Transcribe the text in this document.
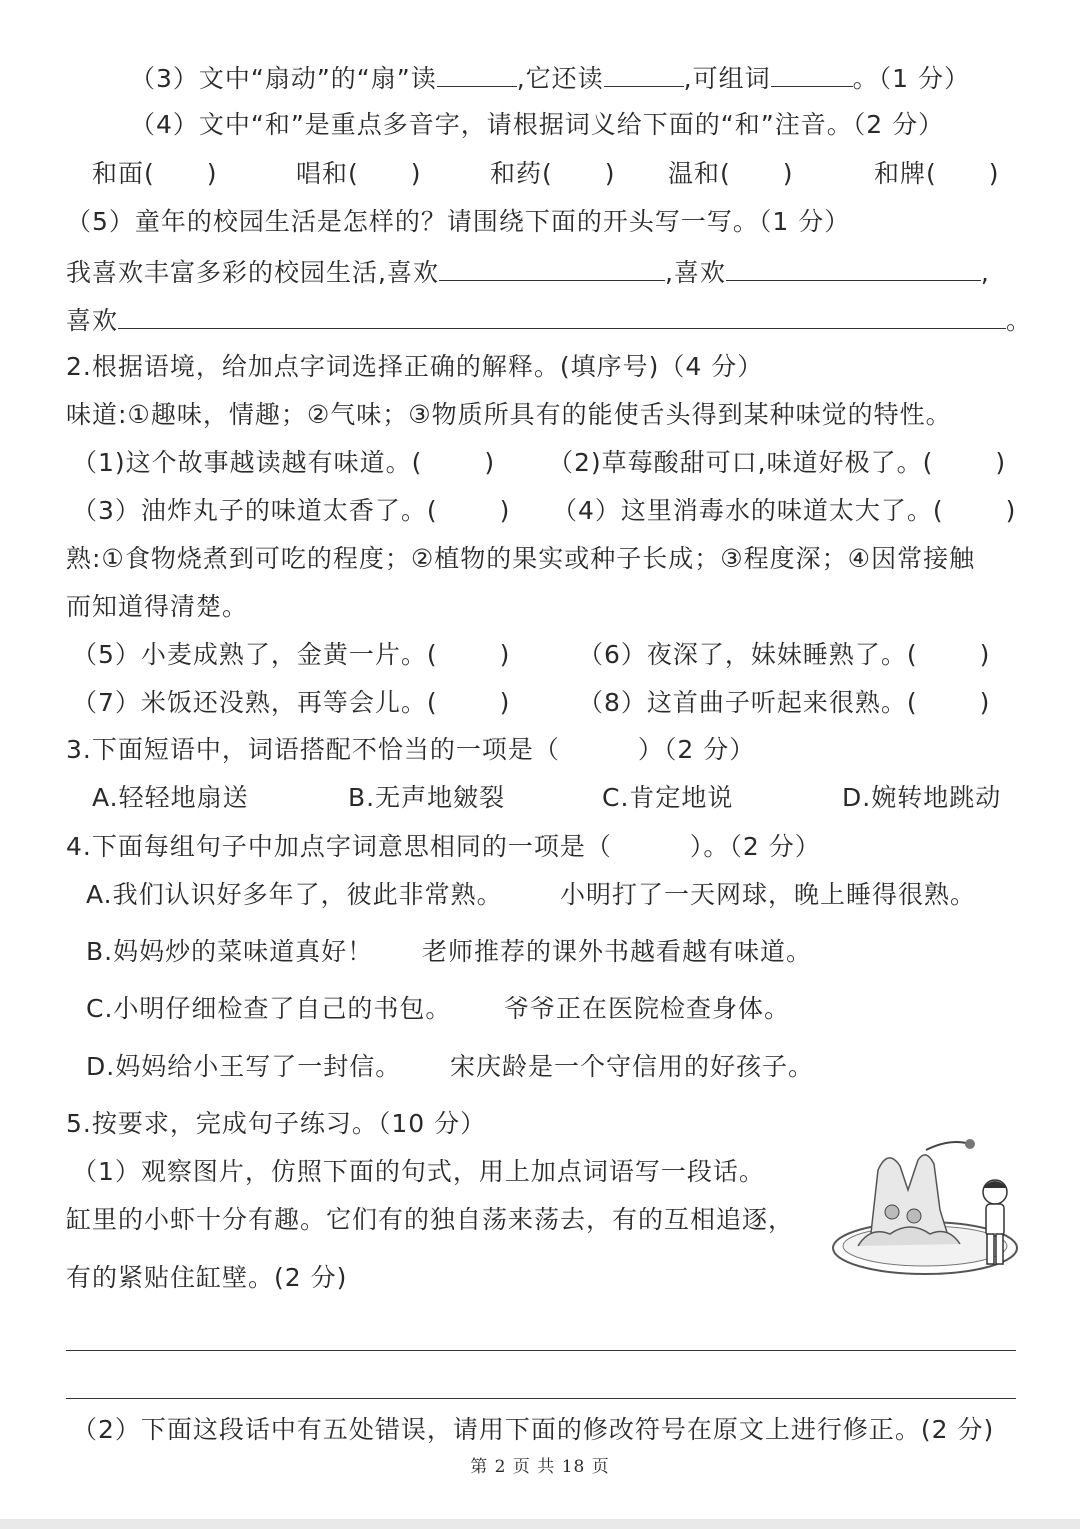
（3）文中“扇动”的“扇”读	,它还读	,可组词	。（1 分）
（4）文中“和”是重点多音字，请根据词义给下面的“和”注音。（2 分）
和面( )	唱和( )	和药( ) 温和( )	和牌( )
（5）童年的校园生活是怎样的？请围绕下面的开头写一写。（1 分）
我喜欢丰富多彩的校园生活,喜欢	,喜欢	,
喜欢	。
2.根据语境，给加点字词选择正确的解释。(填序号)（4 分）
味道:①趣味，情趣；②气味；③物质所具有的能使舌头得到某种味觉的特性。
（1)这个故事越读越有味道。( ) （2)草莓酸甜可口,味道好极了。( )
（3）油炸丸子的味道太香了。( ) （4）这里消毒水的味道太大了。( )
熟:①食物烧煮到可吃的程度；②植物的果实或种子长成；③程度深；④因常接触
而知道得清楚。
（5）小麦成熟了，金黄一片。( )	（6）夜深了，妹妹睡熟了。( )
（7）米饭还没熟，再等会儿。( )	（8）这首曲子听起来很熟。( )
3.下面短语中，词语搭配不恰当的一项是（　　　）（2 分）
A.轻轻地扇送	B.无声地皴裂	C.肯定地说	D.婉转地跳动
4.下面每组句子中加点字词意思相同的一项是（　　　）。（2 分）
A.我们认识好多年了，彼此非常熟。 小明打了一天网球，晚上睡得很熟。
B.妈妈炒的菜味道真好！ 老师推荐的课外书越看越有味道。
C.小明仔细检查了自己的书包。 爷爷正在医院检查身体。
D.妈妈给小王写了一封信。 宋庆龄是一个守信用的好孩子。
5.按要求，完成句子练习。（10 分）
（1）观察图片，仿照下面的句式，用上加点词语写一段话。
缸里的小虾十分有趣。它们有的独自荡来荡去，有的互相追逐，
有的紧贴住缸壁。(2 分)
（2）下面这段话中有五处错误，请用下面的修改符号在原文上进行修正。(2 分)
第 2 页 共 18 页
